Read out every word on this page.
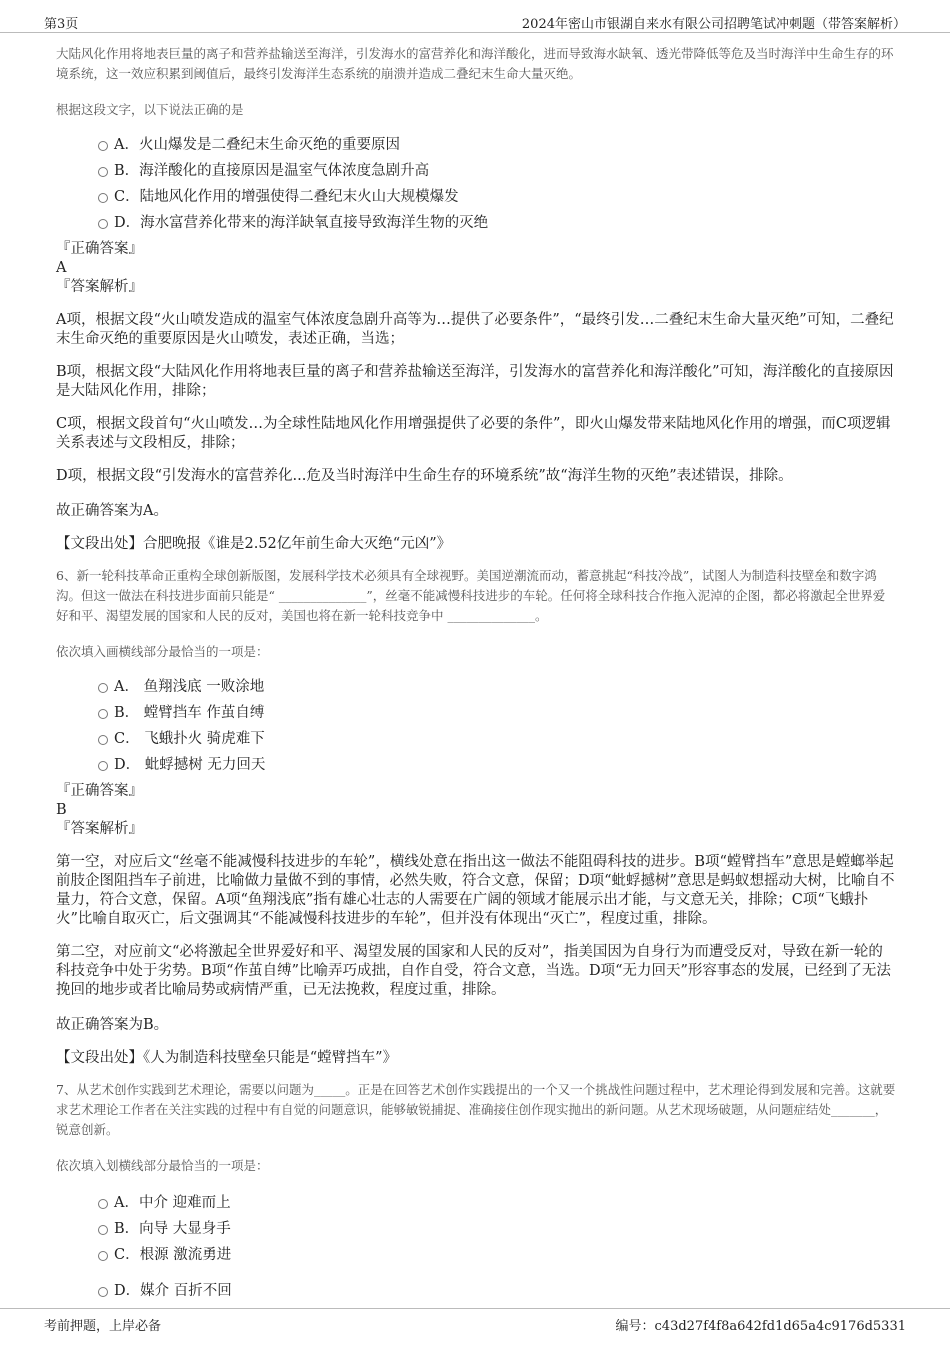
第3页	2024年密山市银湖自来水有限公司招聘笔试冲刺题（带答案解析）

大陆风化作用将地表巨量的离子和营养盐输送至海洋，引发海水的富营养化和海洋酸化，进而导致海水缺氧、透光带降低等危及当时海洋中生命生存的环境系统，这一效应积累到阈值后，最终引发海洋生态系统的崩溃并造成二叠纪末生命大量灭绝。

根据这段文字，以下说法正确的是

A．火山爆发是二叠纪末生命灭绝的重要原因
B．海洋酸化的直接原因是温室气体浓度急剧升高
C．陆地风化作用的增强使得二叠纪末火山大规模爆发
D．海水富营养化带来的海洋缺氧直接导致海洋生物的灭绝

『正确答案』

A

『答案解析』

A项，根据文段“火山喷发造成的温室气体浓度急剧升高等为…提供了必要条件”，“最终引发…二叠纪末生命大量灭绝”可知，二叠纪末生命灭绝的重要原因是火山喷发，表述正确，当选；

B项，根据文段“大陆风化作用将地表巨量的离子和营养盐输送至海洋，引发海水的富营养化和海洋酸化”可知，海洋酸化的直接原因是大陆风化作用，排除；

C项，根据文段首句“火山喷发…为全球性陆地风化作用增强提供了必要的条件”，即火山爆发带来陆地风化作用的增强，而C项逻辑关系表述与文段相反，排除；

D项，根据文段“引发海水的富营养化...危及当时海洋中生命生存的环境系统”故“海洋生物的灭绝”表述错误，排除。

故正确答案为A。

【文段出处】合肥晚报《谁是2.52亿年前生命大灭绝“元凶”》

6、新一轮科技革命正重构全球创新版图，发展科学技术必须具有全球视野。美国逆潮流而动，蓄意挑起“科技冷战”，试图人为制造科技壁垒和数字鸿沟。但这一做法在科技进步面前只能是“ ______________”，丝毫不能减慢科技进步的车轮。任何将全球科技合作拖入泥淖的企图，都必将激起全世界爱好和平、渴望发展的国家和人民的反对，美国也将在新一轮科技竞争中 ______________。

依次填入画横线部分最恰当的一项是：

A． 鱼翔浅底 一败涂地
B． 螳臂挡车 作茧自缚
C． 飞蛾扑火 骑虎难下
D． 蚍蜉撼树 无力回天

『正确答案』

B

『答案解析』

第一空，对应后文“丝毫不能减慢科技进步的车轮”，横线处意在指出这一做法不能阻碍科技的进步。B项“螳臂挡车”意思是螳螂举起前肢企图阻挡车子前进，比喻做力量做不到的事情，必然失败，符合文意，保留；D项“蚍蜉撼树”意思是蚂蚁想摇动大树，比喻自不量力，符合文意，保留。A项“鱼翔浅底”指有雄心壮志的人需要在广阔的领域才能展示出才能，与文意无关，排除；C项“飞蛾扑火”比喻自取灭亡，后文强调其“不能减慢科技进步的车轮”，但并没有体现出“灭亡”，程度过重，排除。

第二空，对应前文“必将激起全世界爱好和平、渴望发展的国家和人民的反对”，指美国因为自身行为而遭受反对，导致在新一轮的科技竞争中处于劣势。B项“作茧自缚”比喻弄巧成拙，自作自受，符合文意，当选。D项“无力回天”形容事态的发展，已经到了无法挽回的地步或者比喻局势或病情严重，已无法挽救，程度过重，排除。

故正确答案为B。

【文段出处】《人为制造科技壁垒只能是“螳臂挡车”》

7、从艺术创作实践到艺术理论，需要以问题为_____。正是在回答艺术创作实践提出的一个又一个挑战性问题过程中，艺术理论得到发展和完善。这就要求艺术理论工作者在关注实践的过程中有自觉的问题意识，能够敏锐捕捉、准确接住创作现实抛出的新问题。从艺术现场破题，从问题症结处_______，锐意创新。

依次填入划横线部分最恰当的一项是：

A．中介 迎难而上
B．向导 大显身手
C．根源 激流勇进
D．媒介 百折不回
考前押题，上岸必备	编号：c43d27f4f8a642fd1d65a4c9176d5331
